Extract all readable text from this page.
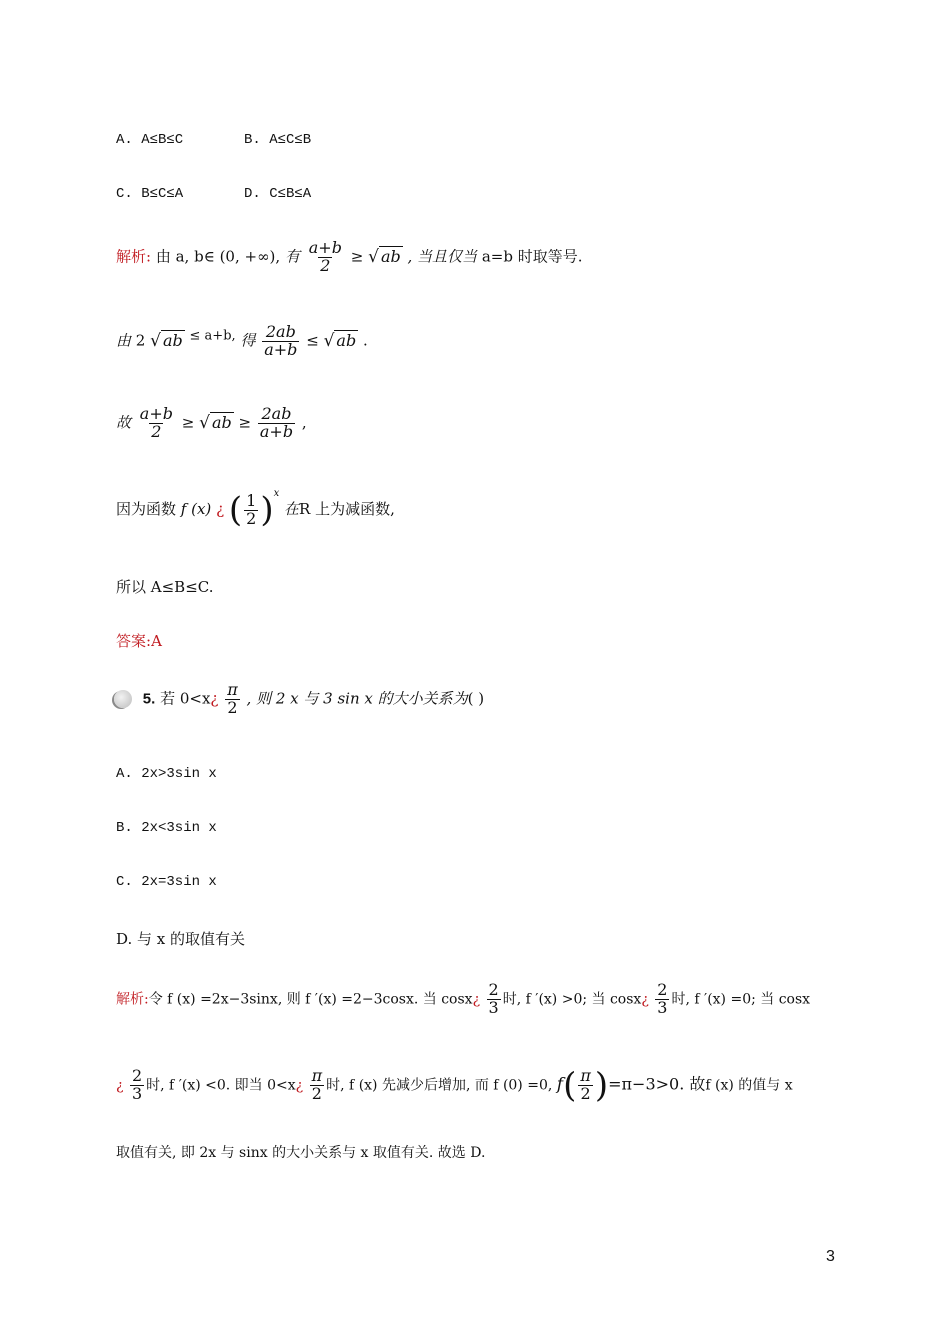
A. A≤B≤C	B. A≤C≤B
C. B≤C≤A	D. C≤B≤A
解析: 由 a, b∈ (0, +∞), 有 $\frac{a+b}{2}$ ≥ √ ab , 当且仅当 a=b 时取等号.
由 2 √ ab ≤ a+b, 得 $\frac{2ab}{a+b}$ ≤ √ ab .
故 $\frac{a+b}{2}$ ≥ √ ab ≥ $\frac{2ab}{a+b}$ ,
因为函数 f (x) ¿ ( $\frac{1}{2} )^x$ 在R 上为减函数,
所以 A≤B≤C.
答案:A
5. 若 0<x¿ $\frac{\pi}{2}$ , 则 2 x 与 3 sin x 的大小关系为( )
A. 2x>3sin x
B. 2x<3sin x
C. 2x=3sin x
D. 与 x 的取值有关
解析:令 f (x) =2x−3sinx, 则 f ′(x) =2−3cosx. 当 cosx¿ $\frac{2}{3}$ 时, f ′(x) >0; 当 cosx¿ $\frac{2}{3}$ 时, f ′(x) =0; 当 cosx
¿ $\frac{2}{3}$ 时, f ′(x) <0. 即当 0<x¿ $\frac{\pi}{2}$ 时, f (x) 先减少后增加, 而 f (0) =0, $f( \frac{\pi}{2} )=\pi-3>0$. 故f (x) 的值与 x
取值有关, 即 2x 与 sinx 的大小关系与 x 取值有关. 故选 D.
3
